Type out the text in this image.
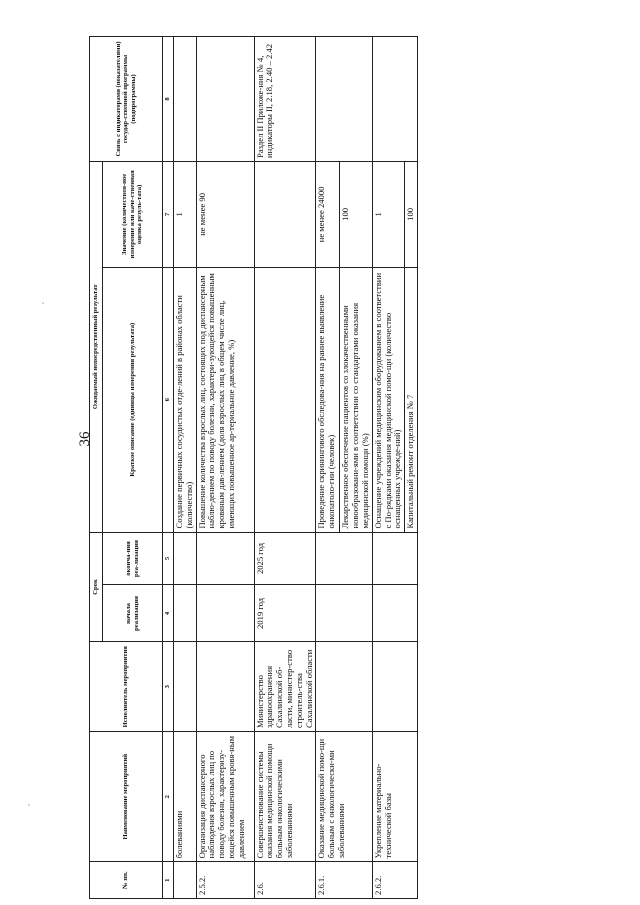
36
№ пп.	Наименование мероприятий	Исполнитель мероприятия	Срок		Ожидаемый непосредственный результат		Связь с индикаторами (показателями) государ-ственной программы (подпрограммы)
			начала реализации	оконча-ния реа-лизации	Краткое описание (единицы измерения результата)	Значение (количествен-ное измерение или каче-ственная оценка резуль-тата)	

1	2	3	4	5	6	7	8
	болеваниями				Создание первичных сосудистых отде-лений в районах области (количество)	1	
2.5.2.	Организация диспансерного наблюдения взрослых лиц по поводу болезни, характеризу-ющейся повышенным кровя-ным давлением				Повышение количества взрослых лиц, состоящих под диспансерным наблю-дением по поводу болезни, характери-зующейся повышенным кровяным дав-лением (доля взрослых лиц в общем числе лиц, имеющих повышенное ар-териальное давление, %)	не менее 90	
2.6.	Совершенствование системы оказания медицинской помощи больным онкологическими заболеваниями	Министерство здравоохранения Сахалинской об-ласти, министер-ство строитель-ства Сахалинской области	2019 год	2025 год			Раздел II Приложе-ния № 4, индикаторы II, 2.18, 2.40 – 2.42
2.6.1.	Оказание медицинской помо-щи больным с онкологически-ми заболеваниями				Проведение скринингового обследова-ния на раннее выявление онкопатоло-гии (человек)	не менее 24000	
					Лекарственное обеспечение пациентов со злокачественными новообразовани-ями в соответствии со стандартами оказания медицинской помощи (%)	100	
2.6.2.	Укрепление материально-технической базы				Оснащение учреждений медицинским оборудованием в соответствии с По-рядками оказания медицинской помо-щи (количество оснащенных учрежде-ний)	1	
					Капитальный ремонт отделения № 7	100	
